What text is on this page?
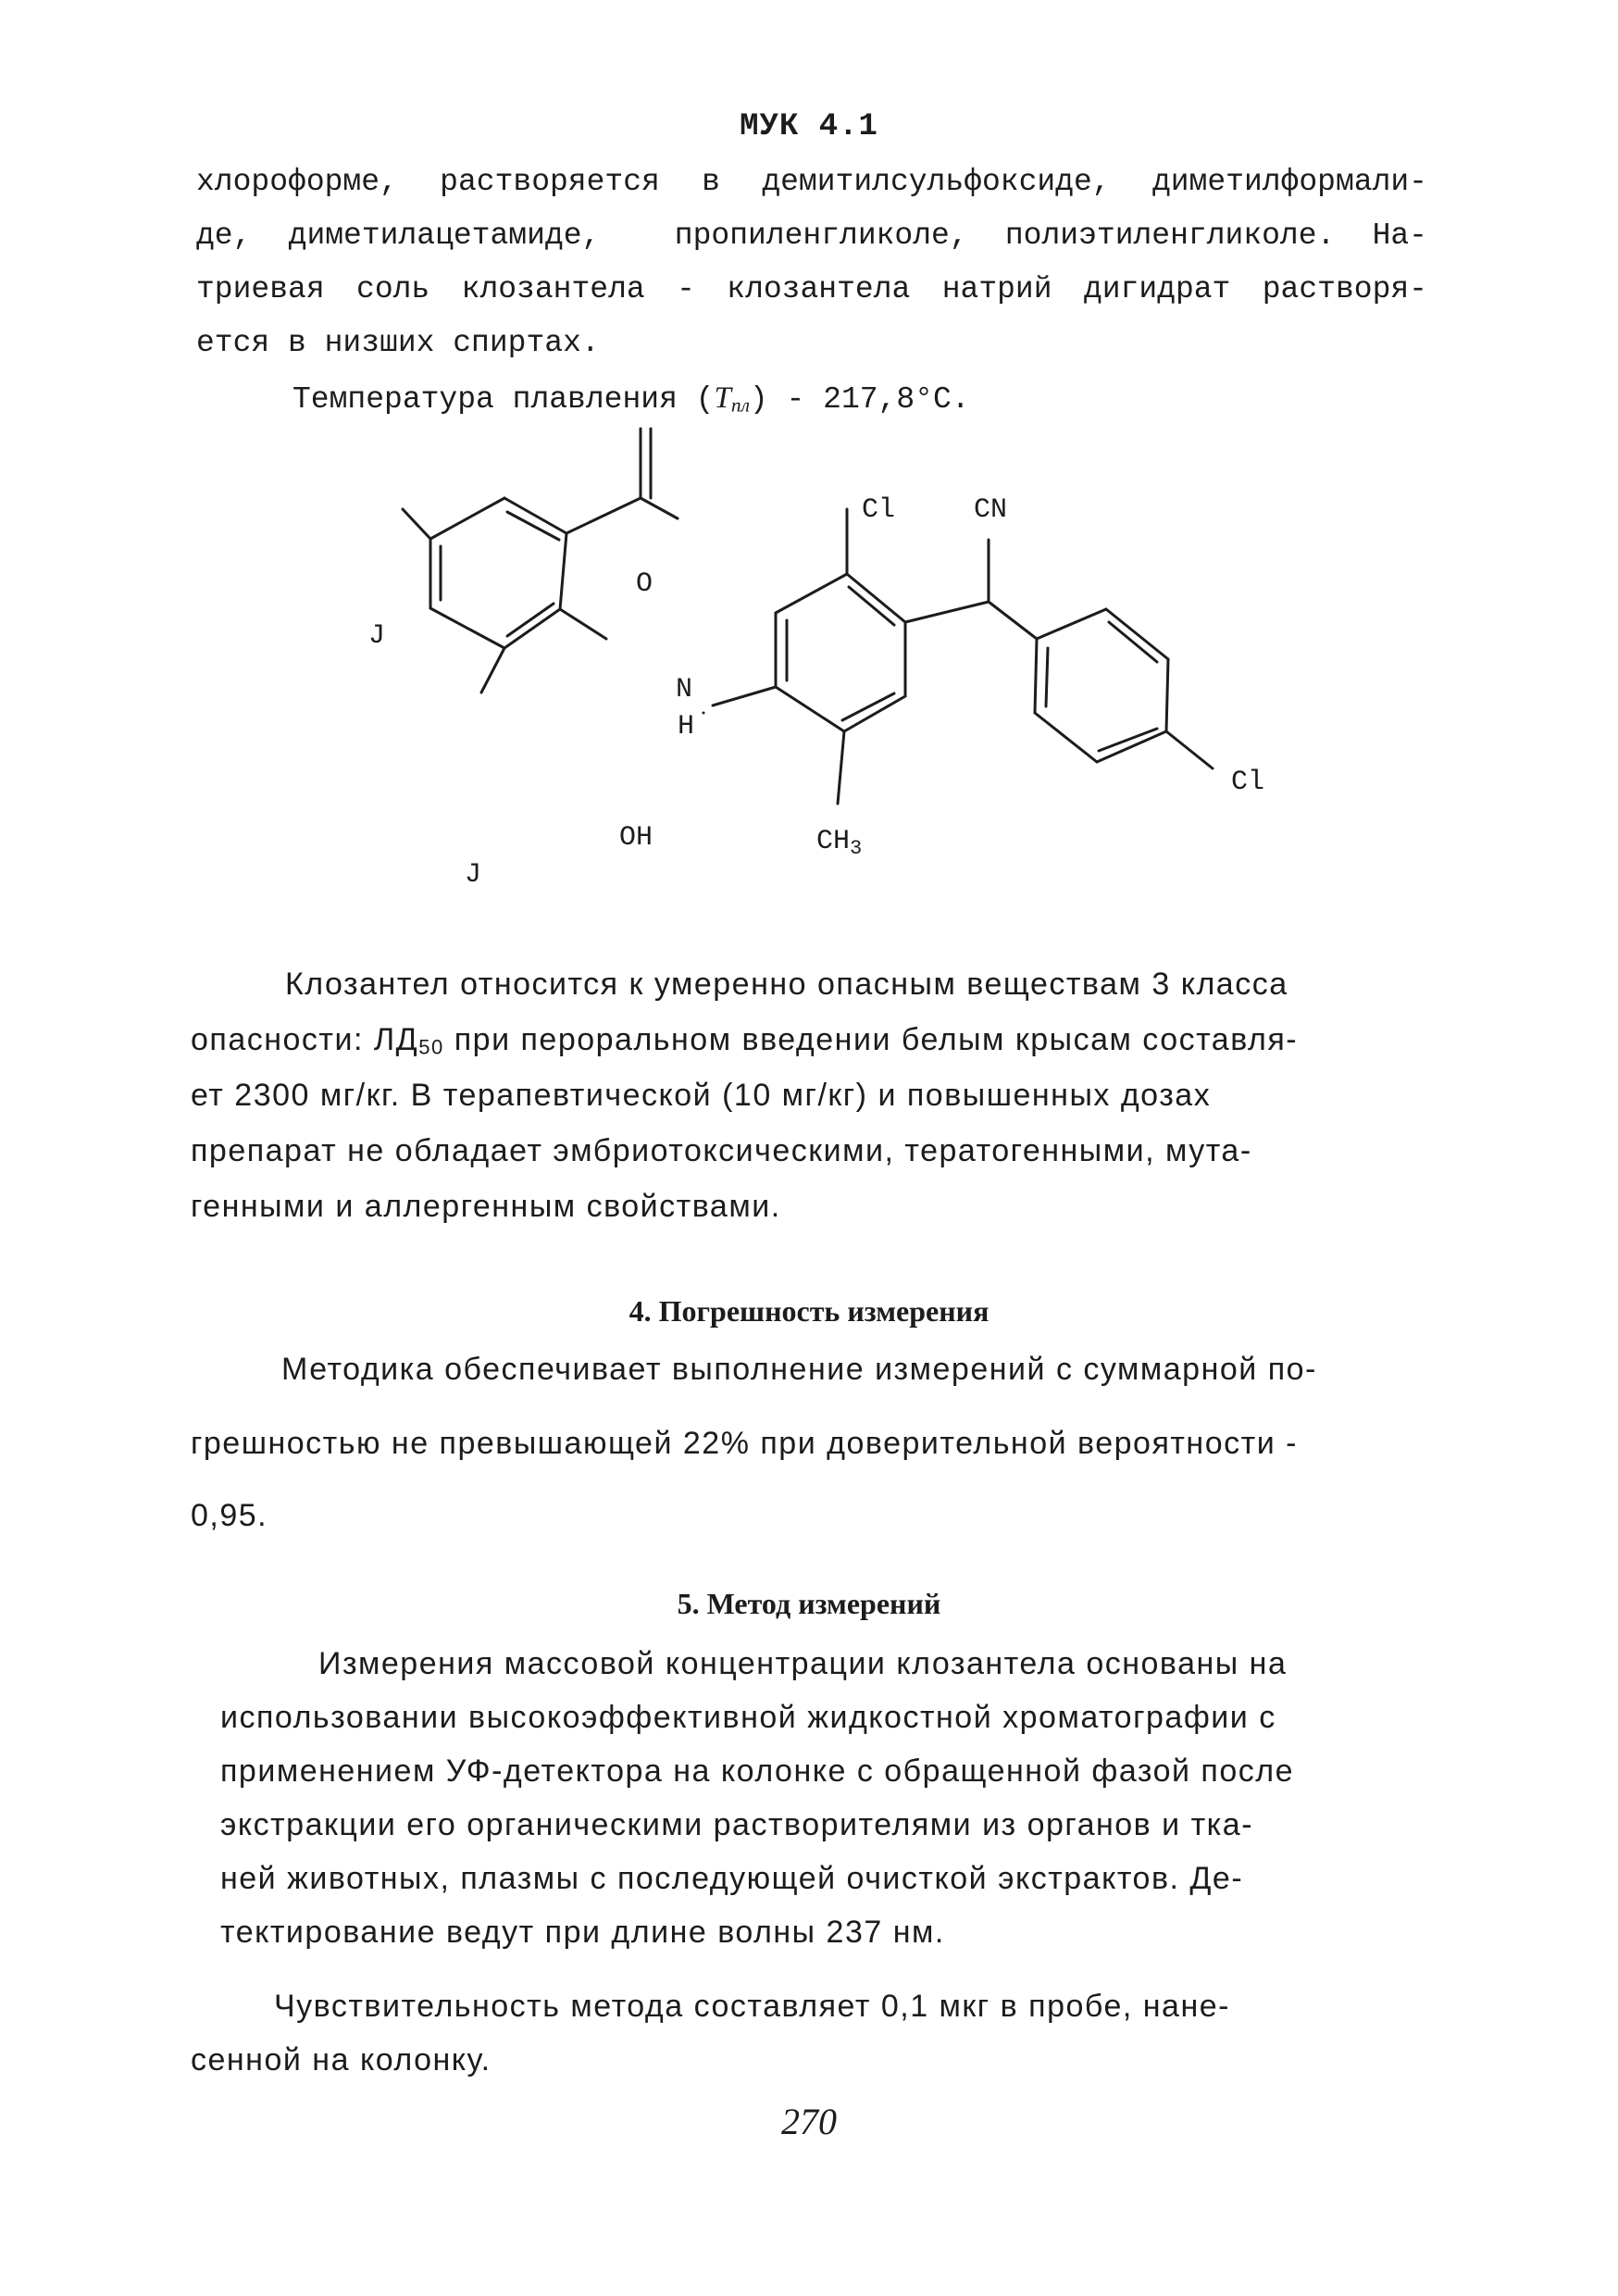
МУК 4.1
хлороформе, растворяется в демитилсульфоксиде, диметилформали-
де, диметилацетамиде,  пропиленгликоле, полиэтиленгликоле. На-
триевая соль клозантела - клозантела натрий дигидрат растворя-
ется в низших спиртах.
Температура плавления $(Т_{пл}) - 217,8^\circ С$.
Cl	CN
O
J
N
H
Cl
OH	$CH_3$
J
Клозантел относится к умеренно опасным веществам 3 класса
опасности: $ЛД_{50}$ при пероральном введении белым крысам составля-
ет 2300 мг/кг. В терапевтической (10 мг/кг) и повышенных дозах
препарат не обладает эмбриотоксическими, тератогенными, мута-
генными и аллергенным свойствами.
4. Погрешность измерения
Методика обеспечивает выполнение измерений с суммарной по-
грешностью не превышающей 22% при доверительной вероятности -
0,95.
5. Метод измерений
Измерения массовой концентрации клозантела основаны на
использовании высокоэффективной жидкостной хроматографии с
применением УФ-детектора на колонке с обращенной фазой после
экстракции его органическими растворителями из органов и тка-
ней животных, плазмы с последующей очисткой экстрактов. Де-
тектирование ведут при длине волны 237 нм.
Чувствительность метода составляет 0,1 мкг в пробе, нане-
сенной на колонку.
270
